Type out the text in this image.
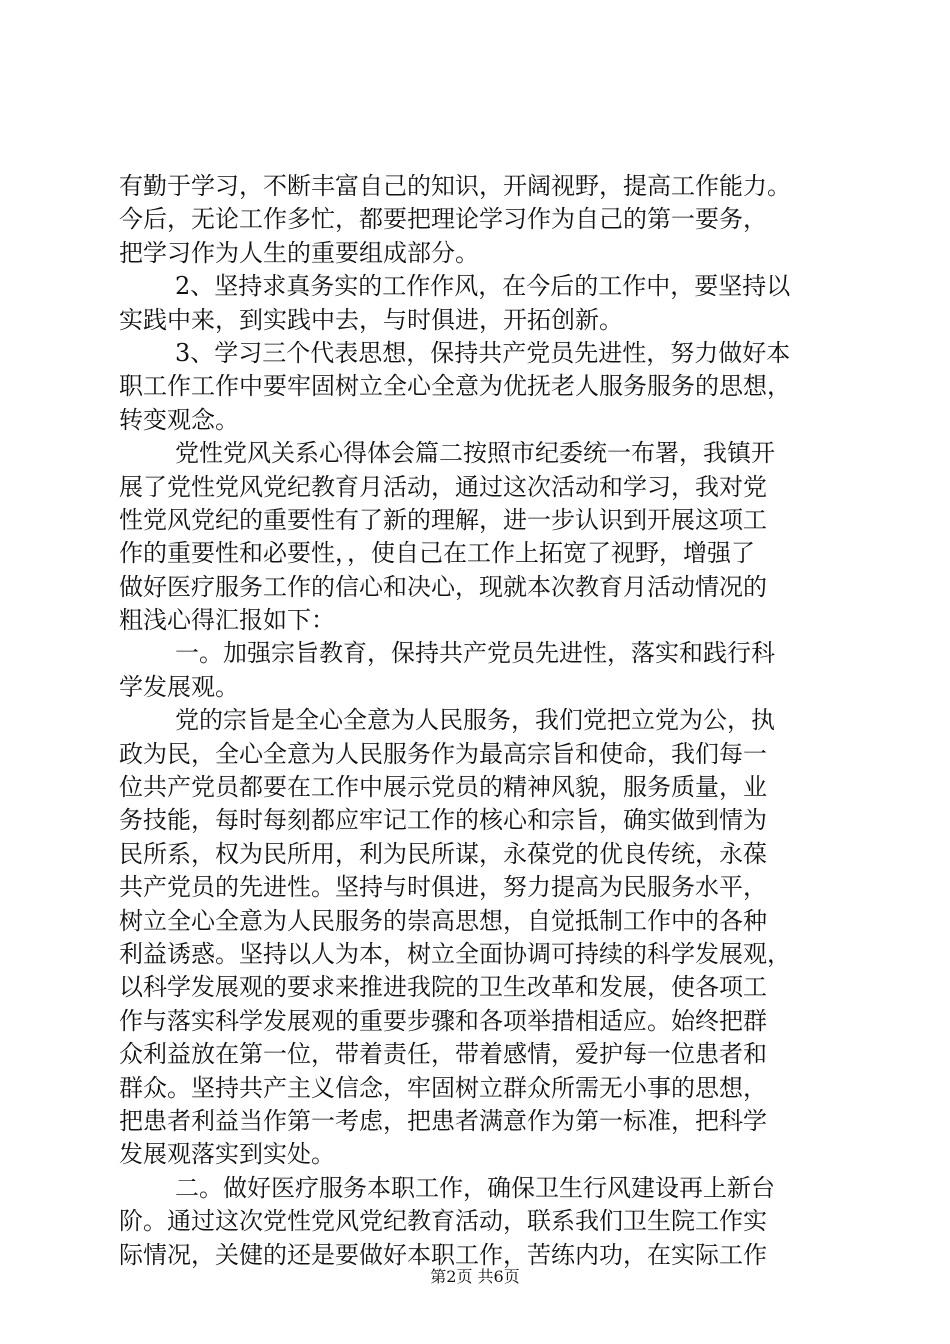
有勤于学习，不断丰富自己的知识，开阔视野，提高工作能力。
今后，无论工作多忙，都要把理论学习作为自己的第一要务，
把学习作为人生的重要组成部分。
2、坚持求真务实的工作作风，在今后的工作中，要坚持以
实践中来，到实践中去，与时俱进，开拓创新。
3、学习三个代表思想，保持共产党员先进性，努力做好本
职工作工作中要牢固树立全心全意为优抚老人服务服务的思想，
转变观念。
党性党风关系心得体会篇二按照市纪委统一布署，我镇开
展了党性党风党纪教育月活动，通过这次活动和学习，我对党
性党风党纪的重要性有了新的理解，进一步认识到开展这项工
作的重要性和必要性，，使自己在工作上拓宽了视野，增强了
做好医疗服务工作的信心和决心，现就本次教育月活动情况的
粗浅心得汇报如下：
一。加强宗旨教育，保持共产党员先进性，落实和践行科
学发展观。
党的宗旨是全心全意为人民服务，我们党把立党为公，执
政为民，全心全意为人民服务作为最高宗旨和使命，我们每一
位共产党员都要在工作中展示党员的精神风貌，服务质量，业
务技能，每时每刻都应牢记工作的核心和宗旨，确实做到情为
民所系，权为民所用，利为民所谋，永葆党的优良传统，永葆
共产党员的先进性。坚持与时俱进，努力提高为民服务水平，
树立全心全意为人民服务的崇高思想，自觉抵制工作中的各种
利益诱惑。坚持以人为本，树立全面协调可持续的科学发展观，
以科学发展观的要求来推进我院的卫生改革和发展，使各项工
作与落实科学发展观的重要步骤和各项举措相适应。始终把群
众利益放在第一位，带着责任，带着感情，爱护每一位患者和
群众。坚持共产主义信念，牢固树立群众所需无小事的思想，
把患者利益当作第一考虑，把患者满意作为第一标准，把科学
发展观落实到实处。
二。做好医疗服务本职工作，确保卫生行风建设再上新台
阶。通过这次党性党风党纪教育活动，联系我们卫生院工作实
际情况，关健的还是要做好本职工作，苦练内功，在实际工作
第2页 共6页
